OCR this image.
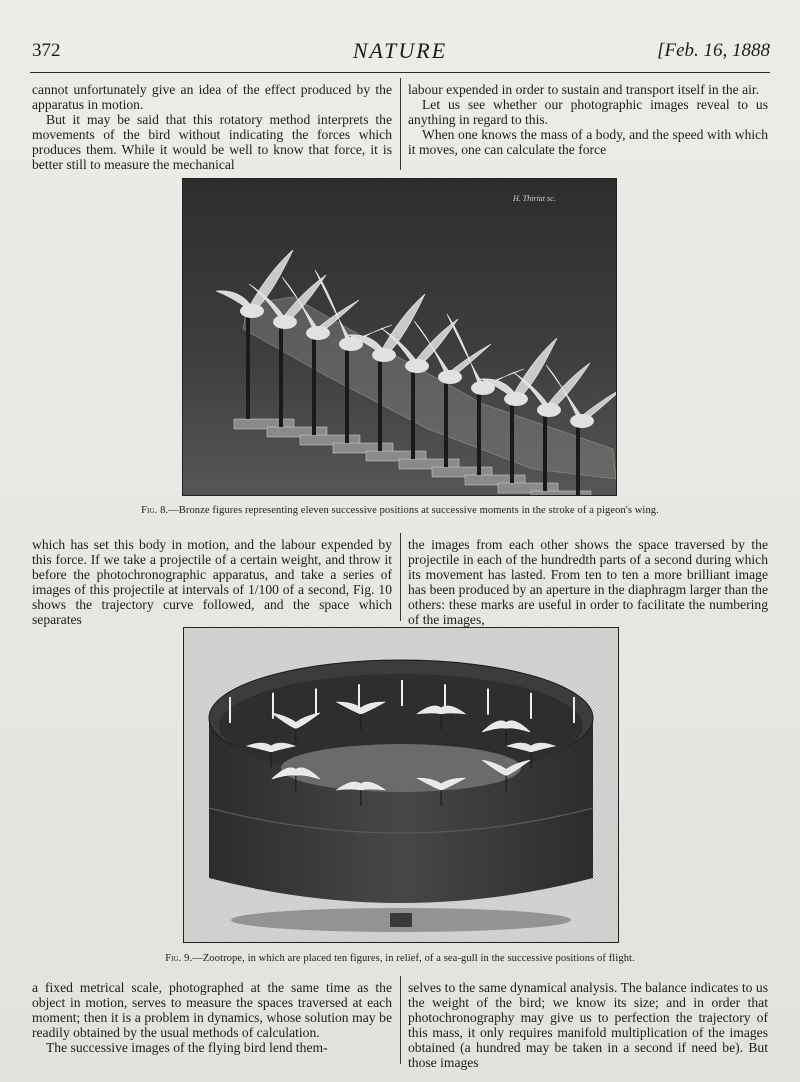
372	NATURE	[Feb. 16, 1888

cannot unfortunately give an idea of the effect produced by the apparatus in motion.

But it may be said that this rotatory method interprets the movements of the bird without indicating the forces which produces them. While it would be well to know that force, it is better still to measure the mechanical

labour expended in order to sustain and transport itself in the air.

Let us see whether our photographic images reveal to us anything in regard to this.

When one knows the mass of a body, and the speed with which it moves, one can calculate the force

H. Thiriat sc.
Fig. 8.—Bronze figures representing eleven successive positions at successive moments in the stroke of a pigeon's wing.

which has set this body in motion, and the labour expended by this force. If we take a projectile of a certain weight, and throw it before the photochronographic apparatus, and take a series of images of this projectile at intervals of 1/100 of a second, Fig. 10 shows the trajectory curve followed, and the space which separates

the images from each other shows the space traversed by the projectile in each of the hundredth parts of a second during which its movement has lasted. From ten to ten a more brilliant image has been produced by an aperture in the diaphragm larger than the others: these marks are useful in order to facilitate the numbering of the images,

H. Thiriat sc.
Fig. 9.—Zootrope, in which are placed ten figures, in relief, of a sea-gull in the successive positions of flight.

a fixed metrical scale, photographed at the same time as the object in motion, serves to measure the spaces traversed at each moment; then it is a problem in dynamics, whose solution may be readily obtained by the usual methods of calculation.

The successive images of the flying bird lend them-

selves to the same dynamical analysis. The balance indicates to us the weight of the bird; we know its size; and in order that photochronography may give us to perfection the trajectory of this mass, it only requires manifold multiplication of the images obtained (a hundred may be taken in a second if need be). But those images
